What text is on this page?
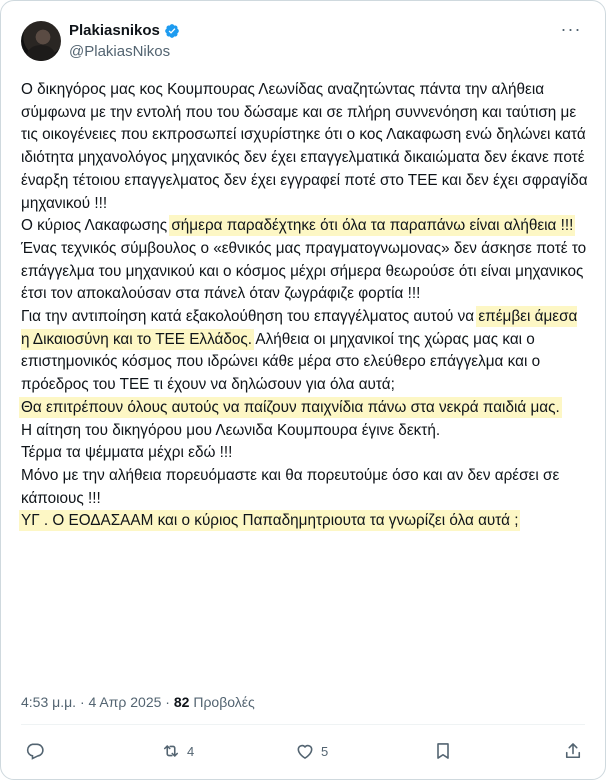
Plakiasnikos
@PlakiasNikos
···

Ο δικηγόρος μας κος Κουμπουρας Λεωνίδας αναζητώντας πάντα την αλήθεια σύμφωνα με την εντολή που του δώσαμε και σε πλήρη συννενόηση και ταύτιση με τις οικογένειες που εκπροσωπεί ισχυρίστηκε ότι ο κος Λακαφωση ενώ δηλώνει κατά ιδιότητα μηχανολόγος μηχανικός δεν έχει επαγγελματικά δικαιώματα δεν έκανε ποτέ έναρξη τέτοιου επαγγελματος δεν έχει εγγραφεί ποτέ στο ΤΕΕ και δεν έχει σφραγίδα μηχανικού !!!

Ο κύριος Λακαφωσης σήμερα παραδέχτηκε ότι όλα τα παραπάνω είναι αλήθεια !!!

Ένας τεχνικός σύμβουλος ο «εθνικός μας πραγματογνωμονας» δεν άσκησε ποτέ το επάγγελμα του μηχανικού και ο κόσμος μέχρι σήμερα θεωρούσε ότι είναι μηχανικος έτσι τον αποκαλούσαν στα πάνελ όταν ζωγράφιζε φορτία !!!

Για την αντιποίηση κατά εξακολούθηση του επαγγέλματος αυτού να επέμβει άμεσα η Δικαιοσύνη και το ΤΕΕ Ελλάδος. Αλήθεια οι μηχανικοί της χώρας μας και ο επιστημονικός κόσμος που ιδρώνει κάθε μέρα στο ελεύθερο επάγγελμα και ο πρόεδρος του ΤΕΕ τι έχουν να δηλώσουν για όλα αυτά;

Θα επιτρέπουν όλους αυτούς να παίζουν παιχνίδια πάνω στα νεκρά παιδιά μας.

Η αίτηση του δικηγόρου μου Λεωνιδα Κουμπουρα έγινε δεκτή.

Τέρμα τα ψέμματα μέχρι εδώ !!!

Μόνο με την αλήθεια πορευόμαστε και θα πορευτούμε όσο και αν δεν αρέσει σε κάποιους !!!

ΥΓ . Ο ΕΟΔΑΣΑΑΜ και ο κύριος Παπαδημητριουτα τα γνωρίζει όλα αυτά ;

4:53 μ.μ. · 4 Απρ 2025 · 82 Προβολές
4	5
